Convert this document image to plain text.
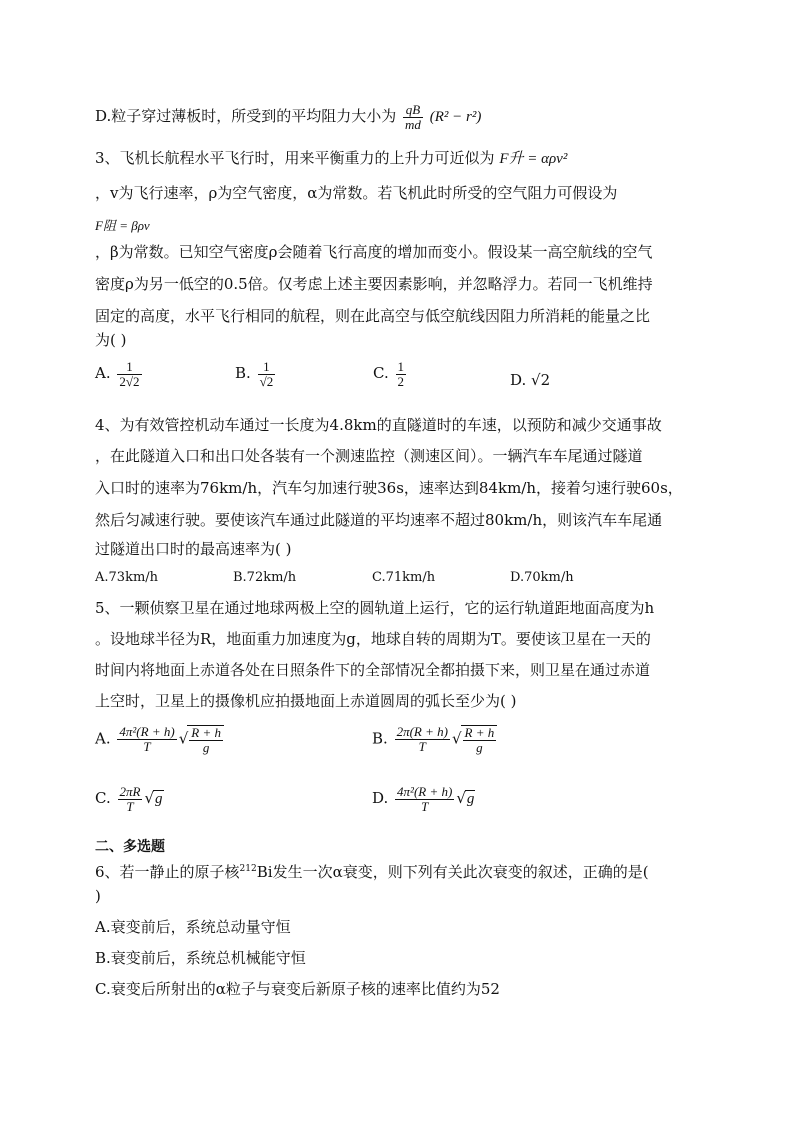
D.粒子穿过薄板时，所受到的平均阻力大小为 $\frac{qB}{md} (R^2 - r^2)$
3、飞机长航程水平飞行时，用来平衡重力的上升力可近似为 F升 = αρv²
，v为飞行速率，ρ为空气密度，α为常数。若飞机此时所受的空气阻力可假设为
F阻 = βρv
，β为常数。已知空气密度ρ会随着飞行高度的增加而变小。假设某一高空航线的空气
密度ρ为另一低空的0.5倍。仅考虑上述主要因素影响，并忽略浮力。若同一飞机维持
固定的高度，水平飞行相同的航程，则在此高空与低空航线因阻力所消耗的能量之比
为( )
A. $\frac{1}{2√2}$	B. $\frac{1}{√2}$	C. $\frac{1}{2}$	D. √2
4、为有效管控机动车通过一长度为4.8km的直隧道时的车速，以预防和减少交通事故
，在此隧道入口和出口处各装有一个测速监控（测速区间）。一辆汽车车尾通过隧道
入口时的速率为76km/h，汽车匀加速行驶36s，速率达到84km/h，接着匀速行驶60s，
然后匀减速行驶。要使该汽车通过此隧道的平均速率不超过80km/h，则该汽车车尾通
过隧道出口时的最高速率为( )
A.73km/h	B.72km/h	C.71km/h	D.70km/h
5、一颗侦察卫星在通过地球两极上空的圆轨道上运行，它的运行轨道距地面高度为h
。设地球半径为R，地面重力加速度为g，地球自转的周期为T。要使该卫星在一天的
时间内将地面上赤道各处在日照条件下的全部情况全都拍摄下来，则卫星在通过赤道
上空时，卫星上的摄像机应拍摄地面上赤道圆周的弧长至少为( )
A. $\frac{\text{4π²(R + h)}}{T}$ √ $\frac{R + h}{g}$	B. $\frac{2\pi(R + h)}{T}$ √ $\frac{R + h}{g}$
C. $\frac{2\pi R}{T} √g$	D. $\frac{\text{4π²(R + h)}}{T} √g$
二、多选题
6、若一静止的原子核$^{212}$Bi发生一次α衰变，则下列有关此次衰变的叙述，正确的是(
)
A.衰变前后，系统总动量守恒
B.衰变前后，系统总机械能守恒
C.衰变后所射出的α粒子与衰变后新原子核的速率比值约为52
